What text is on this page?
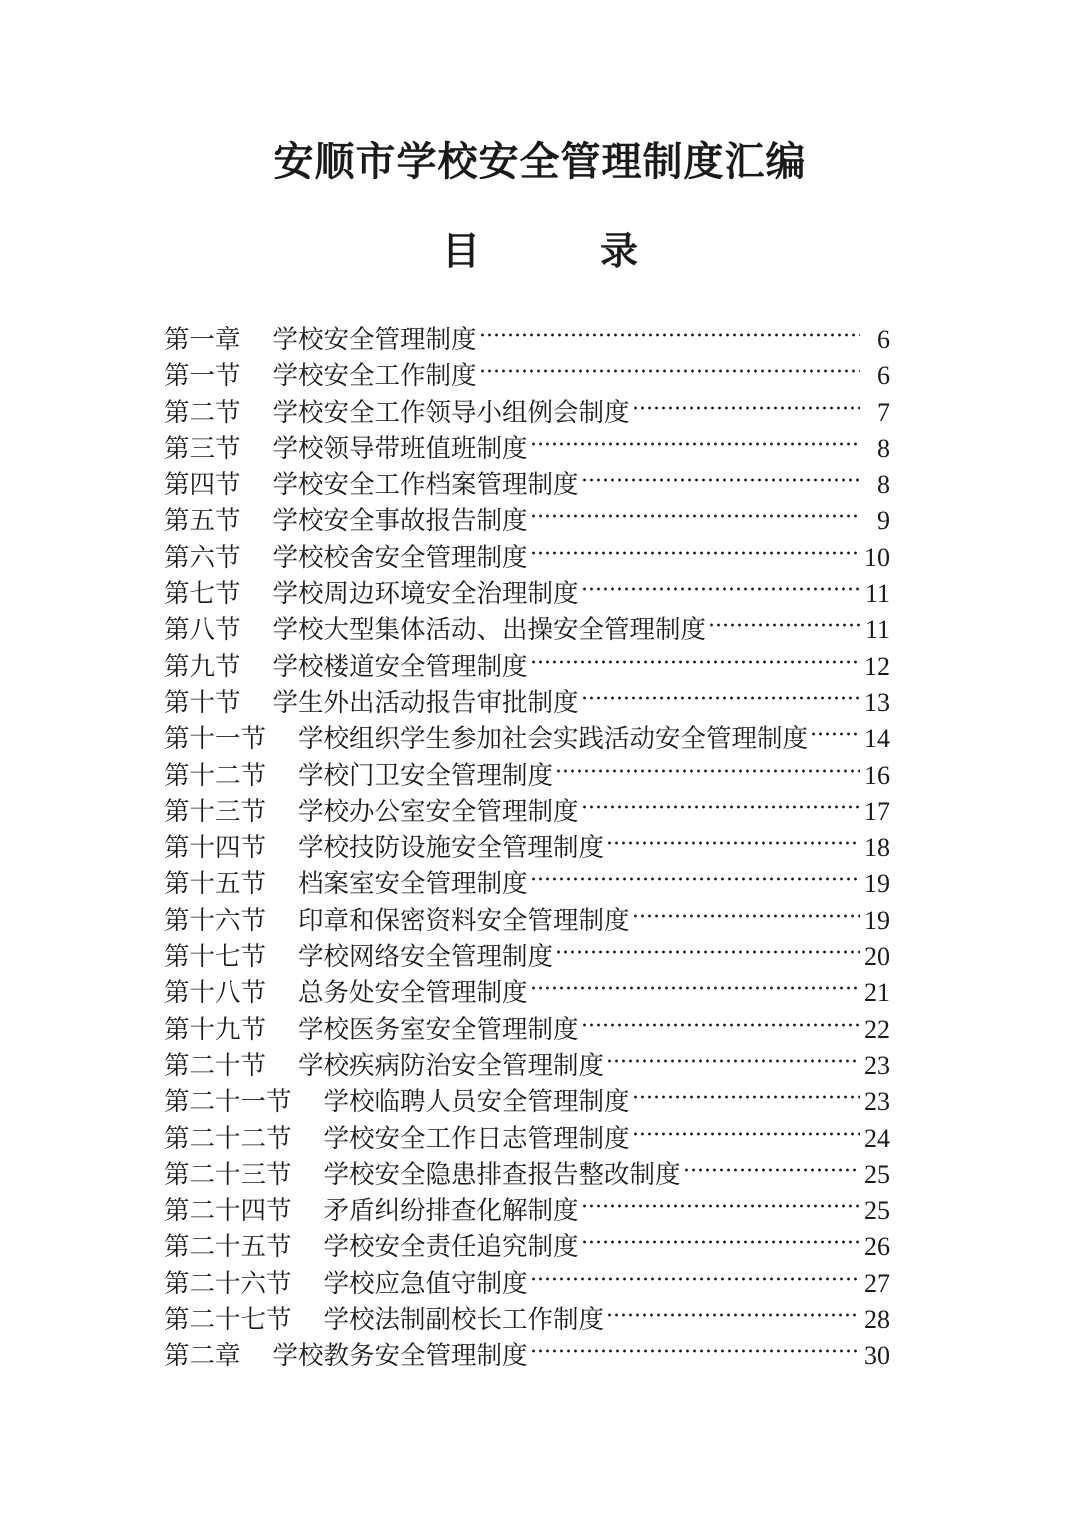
安顺市学校安全管理制度汇编
目	录
第一章 学校安全管理制度	6
第一节 学校安全工作制度	6
第二节 学校安全工作领导小组例会制度	7
第三节 学校领导带班值班制度	8
第四节 学校安全工作档案管理制度	8
第五节 学校安全事故报告制度	9
第六节 学校校舍安全管理制度	10
第七节 学校周边环境安全治理制度	11
第八节 学校大型集体活动、出操安全管理制度	11
第九节 学校楼道安全管理制度	12
第十节 学生外出活动报告审批制度	13
第十一节 学校组织学生参加社会实践活动安全管理制度 14
第十二节 学校门卫安全管理制度	16
第十三节 学校办公室安全管理制度	17
第十四节 学校技防设施安全管理制度	18
第十五节 档案室安全管理制度	19
第十六节 印章和保密资料安全管理制度	19
第十七节 学校网络安全管理制度	20
第十八节 总务处安全管理制度	21
第十九节 学校医务室安全管理制度	22
第二十节 学校疾病防治安全管理制度	23
第二十一节 学校临聘人员安全管理制度	23
第二十二节 学校安全工作日志管理制度	24
第二十三节 学校安全隐患排查报告整改制度	25
第二十四节 矛盾纠纷排查化解制度	25
第二十五节 学校安全责任追究制度	26
第二十六节 学校应急值守制度	27
第二十七节 学校法制副校长工作制度	28
第二章 学校教务安全管理制度	30
